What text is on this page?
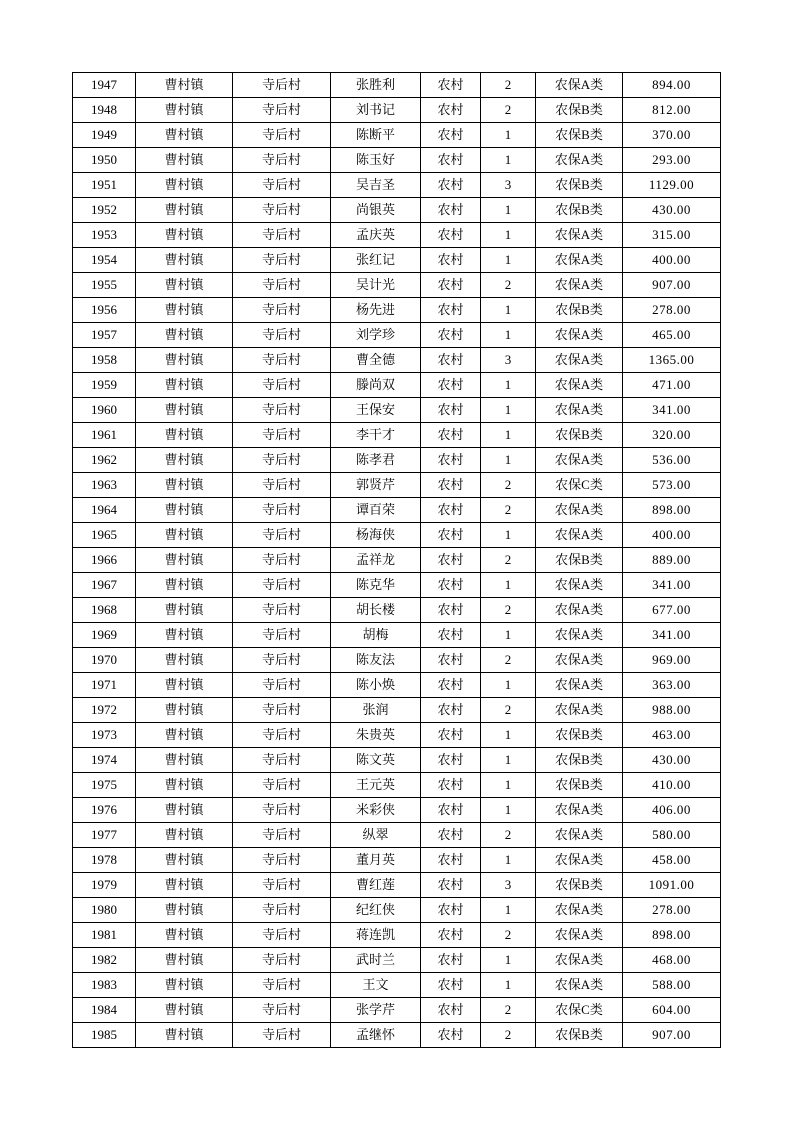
1947	曹村镇	寺后村	张胜利	农村	2	农保A类	894.00
1948	曹村镇	寺后村	刘书记	农村	2	农保B类	812.00
1949	曹村镇	寺后村	陈断平	农村	1	农保B类	370.00
1950	曹村镇	寺后村	陈玉好	农村	1	农保A类	293.00
1951	曹村镇	寺后村	吴吉圣	农村	3	农保B类	1129.00
1952	曹村镇	寺后村	尚银英	农村	1	农保B类	430.00
1953	曹村镇	寺后村	孟庆英	农村	1	农保A类	315.00
1954	曹村镇	寺后村	张红记	农村	1	农保A类	400.00
1955	曹村镇	寺后村	吴计光	农村	2	农保A类	907.00
1956	曹村镇	寺后村	杨先进	农村	1	农保B类	278.00
1957	曹村镇	寺后村	刘学珍	农村	1	农保A类	465.00
1958	曹村镇	寺后村	曹全德	农村	3	农保A类	1365.00
1959	曹村镇	寺后村	滕尚双	农村	1	农保A类	471.00
1960	曹村镇	寺后村	王保安	农村	1	农保A类	341.00
1961	曹村镇	寺后村	李干才	农村	1	农保B类	320.00
1962	曹村镇	寺后村	陈孝君	农村	1	农保A类	536.00
1963	曹村镇	寺后村	郭贤芹	农村	2	农保C类	573.00
1964	曹村镇	寺后村	谭百荣	农村	2	农保A类	898.00
1965	曹村镇	寺后村	杨海侠	农村	1	农保A类	400.00
1966	曹村镇	寺后村	孟祥龙	农村	2	农保B类	889.00
1967	曹村镇	寺后村	陈克华	农村	1	农保A类	341.00
1968	曹村镇	寺后村	胡长楼	农村	2	农保A类	677.00
1969	曹村镇	寺后村	胡梅	农村	1	农保A类	341.00
1970	曹村镇	寺后村	陈友法	农村	2	农保A类	969.00
1971	曹村镇	寺后村	陈小焕	农村	1	农保A类	363.00
1972	曹村镇	寺后村	张润	农村	2	农保A类	988.00
1973	曹村镇	寺后村	朱贵英	农村	1	农保B类	463.00
1974	曹村镇	寺后村	陈文英	农村	1	农保B类	430.00
1975	曹村镇	寺后村	王元英	农村	1	农保B类	410.00
1976	曹村镇	寺后村	米彩侠	农村	1	农保A类	406.00
1977	曹村镇	寺后村	纵翠	农村	2	农保A类	580.00
1978	曹村镇	寺后村	董月英	农村	1	农保A类	458.00
1979	曹村镇	寺后村	曹红莲	农村	3	农保B类	1091.00
1980	曹村镇	寺后村	纪红侠	农村	1	农保A类	278.00
1981	曹村镇	寺后村	蒋连凯	农村	2	农保A类	898.00
1982	曹村镇	寺后村	武时兰	农村	1	农保A类	468.00
1983	曹村镇	寺后村	王文	农村	1	农保A类	588.00
1984	曹村镇	寺后村	张学芹	农村	2	农保C类	604.00
1985	曹村镇	寺后村	孟继怀	农村	2	农保B类	907.00
